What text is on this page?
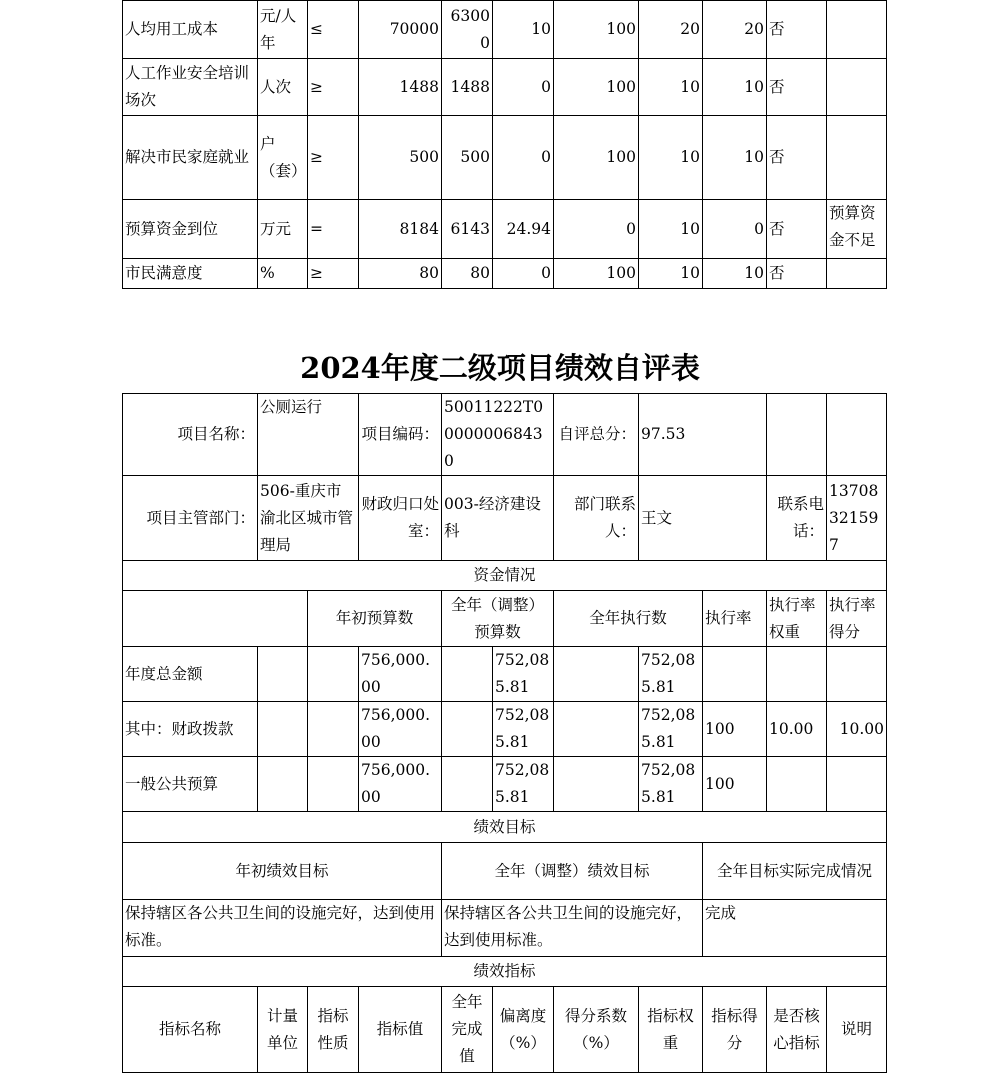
人均用工成本	元/人年	≤	70000	63000	10	100	20	20	否	
人工作业安全培训场次	人次	≥	1488	1488	0	100	10	10	否	
解决市民家庭就业	户（套）	≥	500	500	0	100	10	10	否	
预算资金到位	万元	=	8184	6143	24.94	0	10	0	否	预算资金不足
市民满意度	%	≥	80	80	0	100	10	10	否	
2024年度二级项目绩效自评表
项目名称：	公厕运行		项目编码：	50011222T000000068430		自评总分：	97.53			
项目主管部门：	506-重庆市渝北区城市管理局		财政归口处室：	003-经济建设科		部门联系人：	王文		联系电话：	13708321597
资金情况										
		年初预算数		全年（调整）预算数		全年执行数		执行率	执行率权重	执行率得分
年度总金额			756,000.00		752,085.81		752,085.81			
其中：财政拨款			756,000.00		752,085.81		752,085.81	100	10.00	10.00
一般公共预算			756,000.00		752,085.81		752,085.81	100		
绩效目标										
年初绩效目标				全年（调整）绩效目标				全年目标实际完成情况		
保持辖区各公共卫生间的设施完好，达到使用标准。				保持辖区各公共卫生间的设施完好，达到使用标准。				完成		
绩效指标										
指标名称	计量单位	指标性质	指标值	全年完成值	偏离度（%）	得分系数（%）	指标权重	指标得分	是否核心指标	说明
